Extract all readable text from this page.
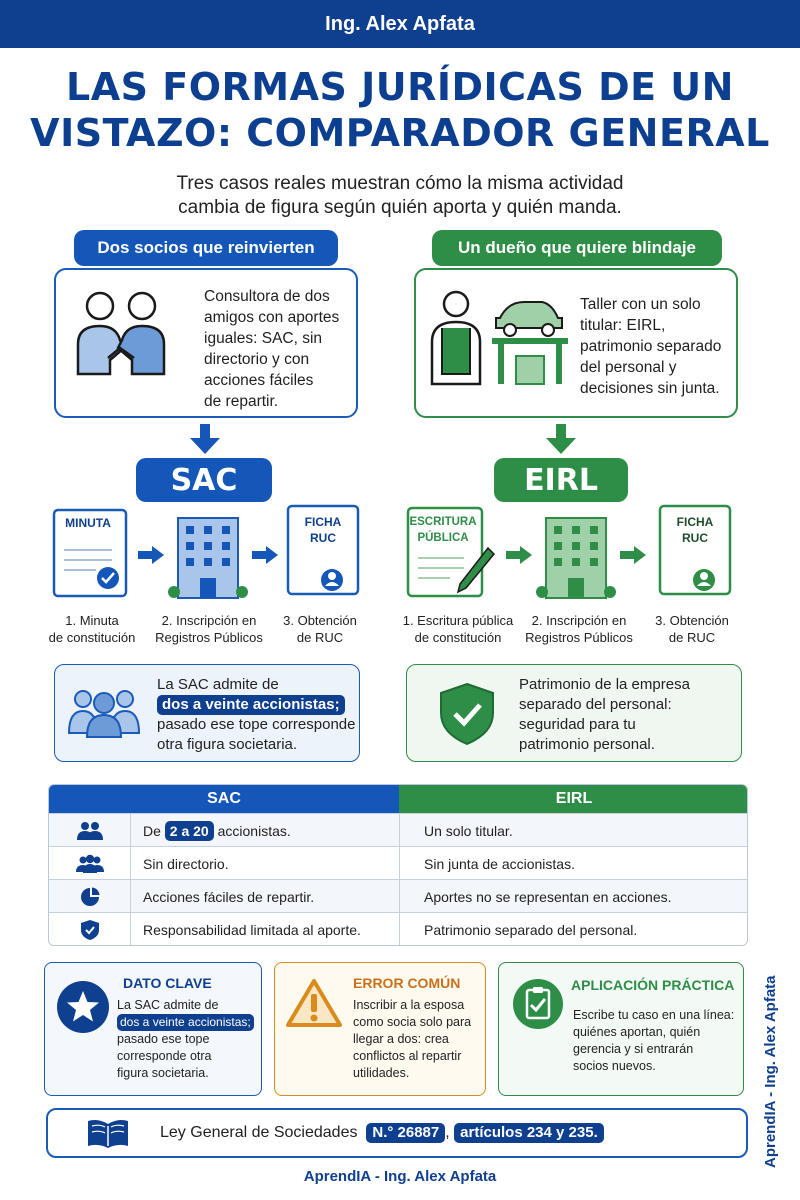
Ing. Alex Apfata
LAS FORMAS JURÍDICAS DE UN
VISTAZO: COMPARADOR GENERAL
Tres casos reales muestran cómo la misma actividad
cambia de figura según quién aporta y quién manda.
Dos socios que reinvierten
Consultora de dos
amigos con aportes
iguales: SAC, sin
directorio y con
acciones fáciles
de repartir.
SAC
MINUTA	FICHA
RUC
1. Minuta
de constitución
2. Inscripción en
Registros Públicos
3. Obtención
de RUC
La SAC admite de
dos a veinte accionistas;
pasado ese tope corresponde
otra figura societaria.
Un dueño que quiere blindaje
Taller con un solo
titular: EIRL,
patrimonio separado
del personal y
decisiones sin junta.
EIRL
ESCRITURA
PÚBLICA
FICHA
RUC
1. Escritura pública
de constitución
2. Inscripción en
Registros Públicos
3. Obtención
de RUC
Patrimonio de la empresa
separado del personal:
seguridad para tu
patrimonio personal.
SAC	EIRL
De
2 a 20
accionistas.	Un solo titular.
Sin directorio.	Sin junta de accionistas.
Acciones fáciles de repartir.	Aportes no se representan en acciones.
Responsabilidad limitada al aporte.	Patrimonio separado del personal.
DATO CLAVE
La SAC admite de
dos a veinte accionistas;
pasado ese tope
corresponde otra
figura societaria.
ERROR COMÚN
Inscribir a la esposa
como socia solo para
llegar a dos: crea
conflictos al repartir
utilidades.
APLICACIÓN PRÁCTICA
Escribe tu caso en una línea:
quiénes aportan, quién
gerencia y si entrarán
socios nuevos.
Ley General de Sociedades
N.° 26887 ,
artículos 234 y 235.
AprendIA - Ing. Alex Apfata
AprendIA - Ing. Alex Apfata
